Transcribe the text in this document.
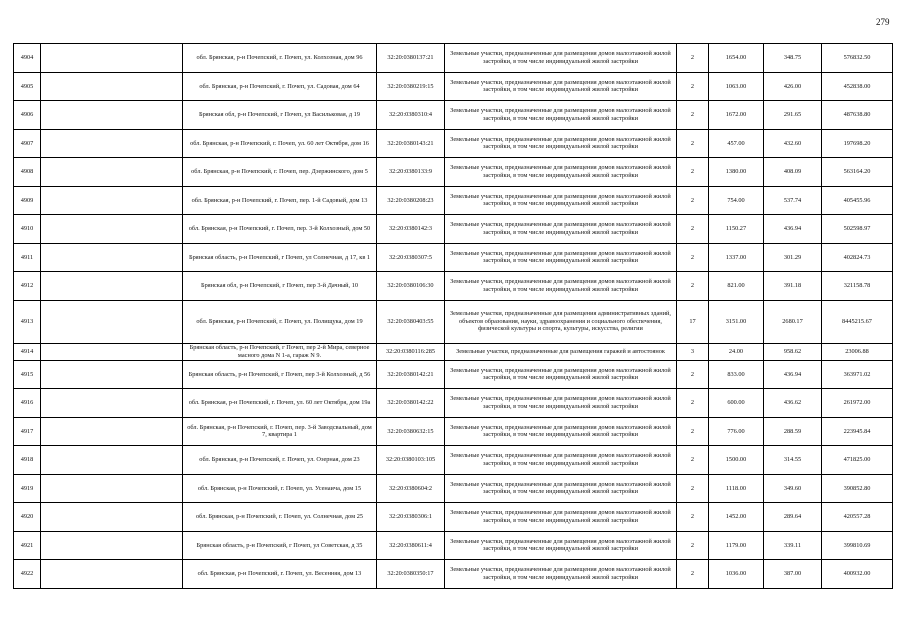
279
4904		обл. Брянская, р-н Почепский, г. Почеп, ул. Колхозная, дом 96	32:20:0380137:21	Земельные участки, предназначенные для размещения домов малоэтажной жилой застройки, в том числе индивидуальной жилой застройки	2	1654.00	348.75	576832.50
4905		обл. Брянская, р-н Почепский, г. Почеп, ул. Садовая, дом 64	32:20:0380219:15	Земельные участки, предназначенные для размещения домов малоэтажной жилой застройки, в том числе индивидуальной жилой застройки	2	1063.00	426.00	452838.00
4906		Брянская обл, р-н Почепский, г Почеп, ул Васильковая, д 19	32:20:0380310:4	Земельные участки, предназначенные для размещения домов малоэтажной жилой застройки, в том числе индивидуальной жилой застройки	2	1672.00	291.65	487638.80
4907		обл. Брянская, р-н Почепский, г. Почеп, ул. 60 лет Октября, дом 16	32:20:0380143:21	Земельные участки, предназначенные для размещения домов малоэтажной жилой застройки, в том числе индивидуальной жилой застройки	2	457.00	432.60	197698.20
4908		обл. Брянская, р-н Почепский, г. Почеп, пер. Дзержинского, дом 5	32:20:0380133:9	Земельные участки, предназначенные для размещения домов малоэтажной жилой застройки, в том числе индивидуальной жилой застройки	2	1380.00	408.09	563164.20
4909		обл. Брянская, р-н Почепский, г. Почеп, пер. 1-й Садовый, дом 13	32:20:0380208:23	Земельные участки, предназначенные для размещения домов малоэтажной жилой застройки, в том числе индивидуальной жилой застройки	2	754.00	537.74	405455.96
4910		обл. Брянская, р-н Почепский, г. Почеп, пер. 3-й Колхозный, дом 50	32:20:0380142:3	Земельные участки, предназначенные для размещения домов малоэтажной жилой застройки, в том числе индивидуальной жилой застройки	2	1150.27	436.94	502598.97
4911		Брянская область, р-н Почепский, г Почеп, ул Солнечная, д 17, кв 1	32:20:0380307:5	Земельные участки, предназначенные для размещения домов малоэтажной жилой застройки, в том числе индивидуальной жилой застройки	2	1337.00	301.29	402824.73
4912		Брянская обл, р-н Почепский, г Почеп, пер 3-й Дачный, 10	32:20:0380106:30	Земельные участки, предназначенные для размещения домов малоэтажной жилой застройки, в том числе индивидуальной жилой застройки	2	821.00	391.18	321158.78
4913		обл. Брянская, р-н Почепский, г. Почеп, ул. Полищука, дом 19	32:20:0380403:55	Земельные участки, предназначенные для размещения административных зданий, объектов образования, науки, здравоохранения и социального обеспечения, физической культуры и спорта, культуры, искусства, религии	17	3151.00	2680.17	8445215.67
4914		Брянская область, р-н Почепский, г Почеп, пер 2-й Мира, северное масного дома N 1-а, гараж N 9.	32:20:0380116:285	Земельные участки, предназначенные для размещения гаражей и автостоянок	3	24.00	958.62	23006.88
4915		Брянская область, р-н Почепский, г Почеп, пер 3-й Колхозный, д 56	32:20:0380142:21	Земельные участки, предназначенные для размещения домов малоэтажной жилой застройки, в том числе индивидуальной жилой застройки	2	833.00	436.94	363971.02
4916		обл. Брянская, р-н Почепский, г. Почеп, ул. 60 лет Октября, дом 19а	32:20:0380142:22	Земельные участки, предназначенные для размещения домов малоэтажной жилой застройки, в том числе индивидуальной жилой застройки	2	600.00	436.62	261972.00
4917		обл. Брянская, р-н Почепский, г. Почеп, пер. 3-й Заводсвальный, дом 7, квартира 1	32:20:0380632:15	Земельные участки, предназначенные для размещения домов малоэтажной жилой застройки, в том числе индивидуальной жилой застройки	2	776.00	288.59	223945.84
4918		обл. Брянская, р-н Почепский, г. Почеп, ул. Озерная, дом 23	32:20:0380103:105	Земельные участки, предназначенные для размещения домов малоэтажной жилой застройки, в том числе индивидуальной жилой застройки	2	1500.00	314.55	471825.00
4919		обл. Брянская, р-н Почепский, г. Почеп, ул. Усенаича, дом 15	32:20:0380604:2	Земельные участки, предназначенные для размещения домов малоэтажной жилой застройки, в том числе индивидуальной жилой застройки	2	1118.00	349.60	390852.80
4920		обл. Брянская, р-н Почепский, г. Почеп, ул. Солнечная, дом 25	32:20:0380306:1	Земельные участки, предназначенные для размещения домов малоэтажной жилой застройки, в том числе индивидуальной жилой застройки	2	1452.00	289.64	420557.28
4921		Брянская область, р-н Почепский, г Почеп, ул Советская, д 35	32:20:0380611:4	Земельные участки, предназначенные для размещения домов малоэтажной жилой застройки, в том числе индивидуальной жилой застройки	2	1179.00	339.11	399810.69
4922		обл. Брянская, р-н Почепский, г. Почеп, ул. Весенняя, дом 13	32:20:0380350:17	Земельные участки, предназначенные для размещения домов малоэтажной жилой застройки, в том числе индивидуальной жилой застройки	2	1036.00	387.00	400932.00
